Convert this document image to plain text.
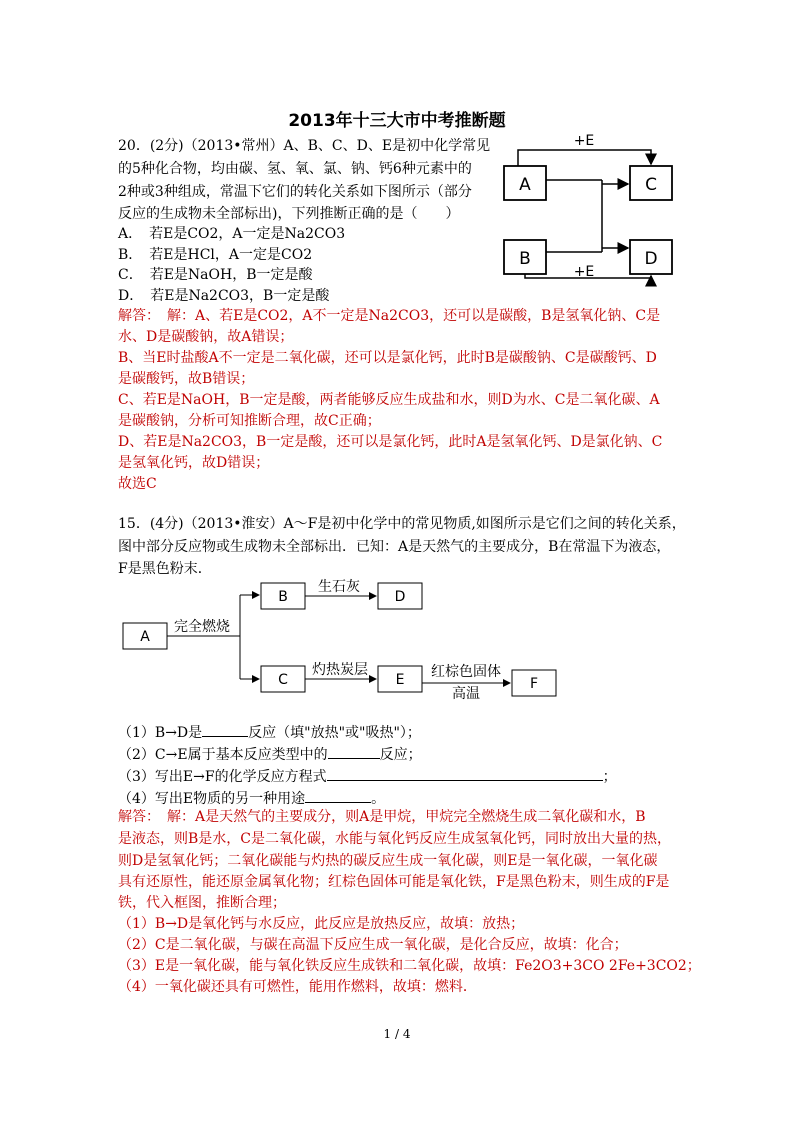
2013年十三大市中考推断题
20．(2分)（2013•常州）A、B、C、D、E是初中化学常见
的5种化合物，均由碳、氢、氧、氯、钠、钙6种元素中的
2种或3种组成，常温下它们的转化关系如下图所示（部分
反应的生成物未全部标出)，下列推断正确的是（　　）
A．　若E是CO2，A一定是Na2CO3
B．　若E是HCl，A一定是CO2
C．　若E是NaOH，B一定是酸
D．　若E是Na2CO3，B一定是酸
A
B
C
D
+E
+E
解答：　解：A、若E是CO2，A不一定是Na2CO3，还可以是碳酸，B是氢氧化钠、C是
水、D是碳酸钠，故A错误；
B、当E时盐酸A不一定是二氧化碳，还可以是氯化钙，此时B是碳酸钠、C是碳酸钙、D
是碳酸钙，故B错误；
C、若E是NaOH，B一定是酸，两者能够反应生成盐和水，则D为水、C是二氧化碳、A
是碳酸钠，分析可知推断合理，故C正确；
D、若E是Na2CO3，B一定是酸，还可以是氯化钙，此时A是氢氧化钙、D是氯化钠、C
是氢氧化钙，故D错误；
故选C
15．(4分)（2013•淮安）A～F是初中化学中的常见物质,如图所示是它们之间的转化关系，
图中部分反应物或生成物未全部标出．已知：A是天然气的主要成分，B在常温下为液态，
F是黑色粉末．
A
B	D
C	E	F
完全燃烧
生石灰
灼热炭层	红棕色固体
高温
（1）B→D是	反应（填"放热"或"吸热"）；
（2）C→E属于基本反应类型中的	反应；
（3）写出E→F的化学反应方程式	；
（4）写出E物质的另一种用途	。
解答：　解：A是天然气的主要成分，则A是甲烷，甲烷完全燃烧生成二氧化碳和水，B
是液态，则B是水，C是二氧化碳，水能与氧化钙反应生成氢氧化钙，同时放出大量的热，
则D是氢氧化钙；二氧化碳能与灼热的碳反应生成一氧化碳，则E是一氧化碳，一氧化碳
具有还原性，能还原金属氧化物；红棕色固体可能是氧化铁，F是黑色粉末，则生成的F是
铁，代入框图，推断合理；
（1）B→D是氧化钙与水反应，此反应是放热反应，故填：放热；
（2）C是二氧化碳，与碳在高温下反应生成一氧化碳，是化合反应，故填：化合；
（3）E是一氧化碳，能与氧化铁反应生成铁和二氧化碳，故填：Fe2O3+3CO 2Fe+3CO2；
（4）一氧化碳还具有可燃性，能用作燃料，故填：燃料．
1 / 4
